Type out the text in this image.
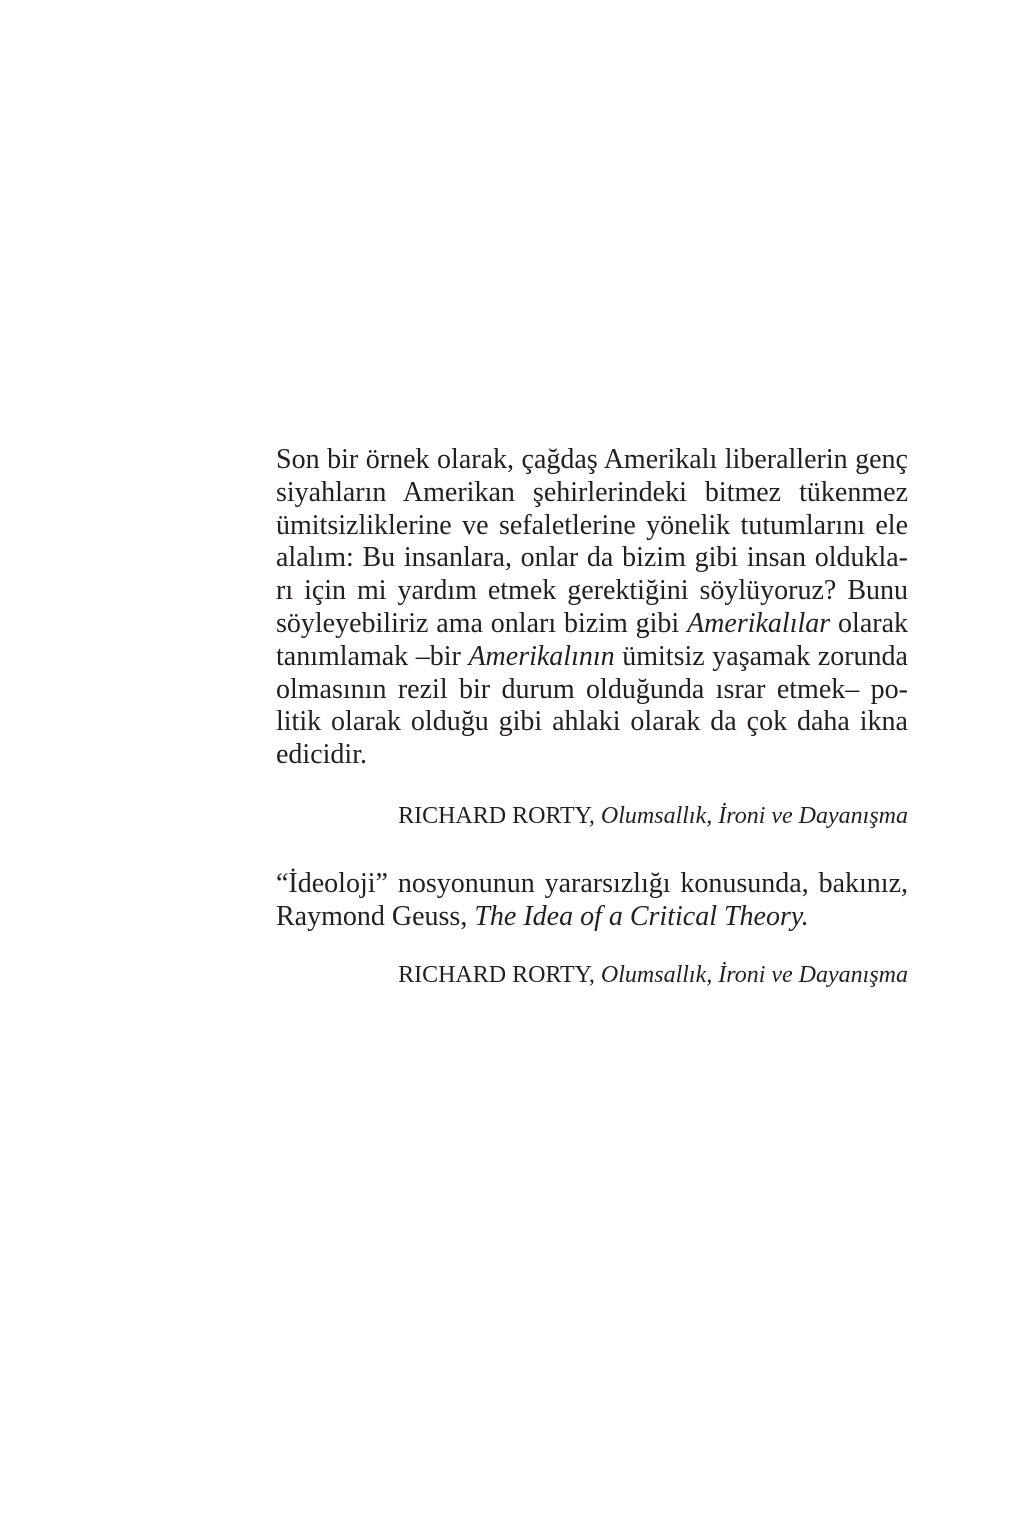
Son bir örnek olarak, çağdaş Amerikalı liberallerin genç
siyahların Amerikan şehirlerindeki bitmez tükenmez
ümitsizliklerine ve sefaletlerine yönelik tutumlarını ele
alalım: Bu insanlara, onlar da bizim gibi insan oldukla-
rı için mi yardım etmek gerektiğini söylüyoruz? Bunu
söyleyebiliriz ama onları bizim gibi Amerikalılar olarak
tanımlamak –bir Amerikalının ümitsiz yaşamak zorunda
olmasının rezil bir durum olduğunda ısrar etmek– po-
litik olarak olduğu gibi ahlaki olarak da çok daha ikna
edicidir.
RICHARD RORTY, Olumsallık, İroni ve Dayanışma
“İdeoloji” nosyonunun yararsızlığı konusunda, bakınız,
Raymond Geuss, The Idea of a Critical Theory.
RICHARD RORTY, Olumsallık, İroni ve Dayanışma
